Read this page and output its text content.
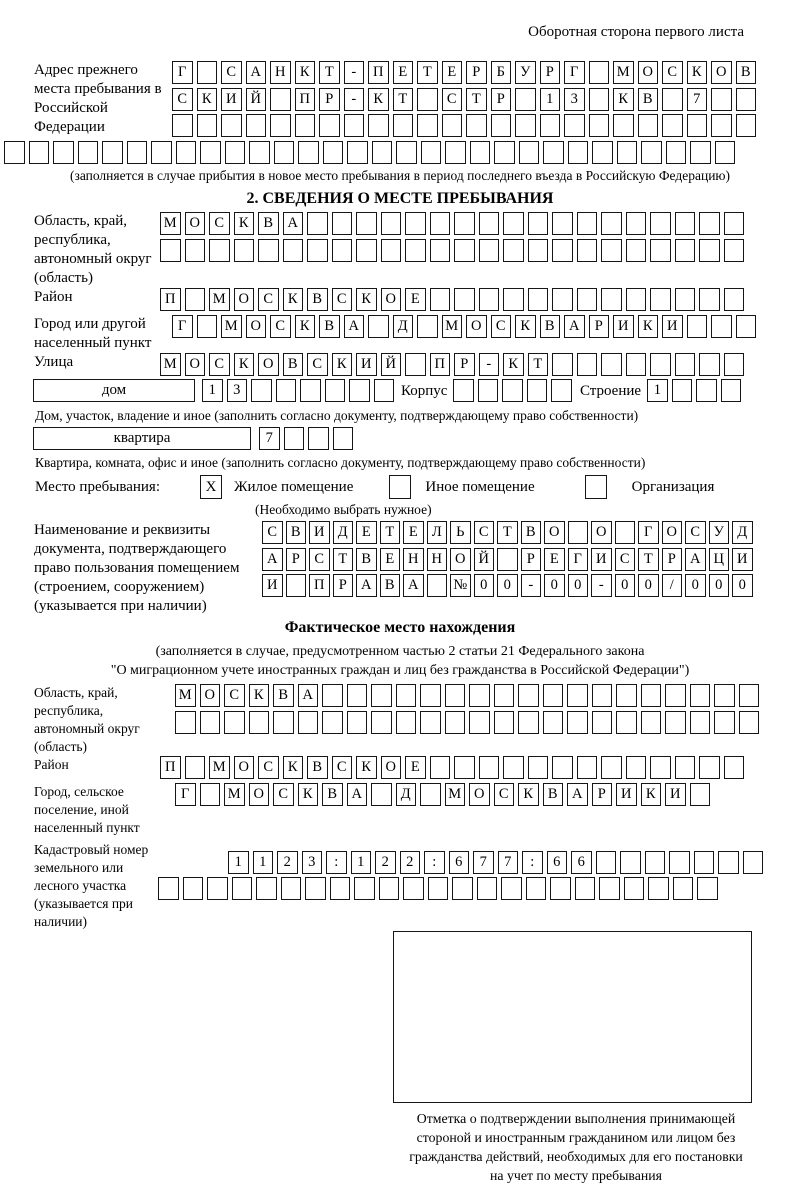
Оборотная сторона первого листа
Адрес прежнего места пребывания в Российской Федерации
Г	С А Н К	Т	-	П	Е	Т	Е	Р	Б	У	Р	Г	М О С	К О В
С	К И Й	П	Р	-	К	Т	С	Т	Р	1	3	К	В	7
(заполняется в случае прибытия в новое место пребывания в период последнего въезда в Российскую Федерацию)
2. СВЕДЕНИЯ О МЕСТЕ ПРЕБЫВАНИЯ
Область, край, республика, автономный округ (область)
М О С	К	В А
Район	П	М О С	К	В	С	К О	Е
Город или другой населенный пункт
Г	М О С	К	В А	Д	М О С	К	В А	Р	И К И
Улица	М О С	К О В	С	К И Й	П	Р	-	К	Т
дом	1	3	Корпус	Строение 1
Дом, участок, владение и иное (заполнить согласно документу, подтверждающему право собственности)
квартира	7
Квартира, комната, офис и иное (заполнить согласно документу, подтверждающему право собственности)
Место пребывания:	X	Жилое помещение	Иное помещение	Организация
(Необходимо выбрать нужное)
Наименование и реквизиты документа, подтверждающего право пользования помещением (строением, сооружением) (указывается при наличии)
С В И Д Е	Т	Е Л Ь	С Т В О	О	Г О С У Д
А Р	С Т В Е Н Н О Й	Р	Е	Г И С Т	Р А Ц И
И	П Р А В А	№ 0	0	-	0	0	-	0	0	/	0	0	0
Фактическое место нахождения
(заполняется в случае, предусмотренном частью 2 статьи 21 Федерального закона
"О миграционном учете иностранных граждан и лиц без гражданства в Российской Федерации")
Область, край, республика, автономный округ (область)
М О С	К	В А
Район	П	М О С	К	В	С	К О	Е
Город, сельское поселение, иной населенный пункт
Г	М О С	К	В А	Д	М О С	К	В А	Р	И К И
Кадастровый номер земельного или лесного участка (указывается при наличии)
1	1	2	3	:	1	2	2	:	6	7	7	:	6	6
Отметка о подтверждении выполнения принимающей
стороной и иностранным гражданином или лицом без
гражданства действий, необходимых для его постановки
на учет по месту пребывания
